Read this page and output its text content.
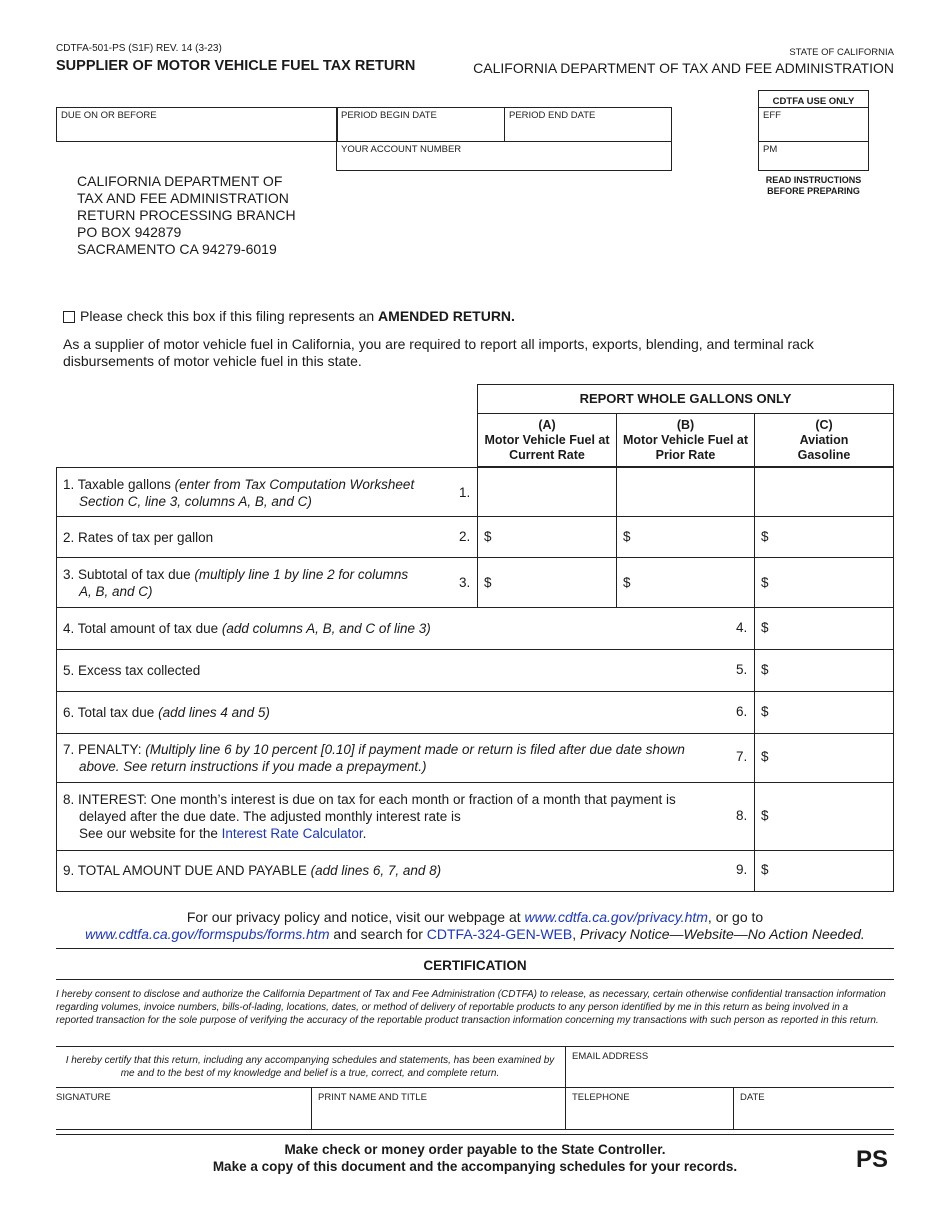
CDTFA-501-PS (S1F) REV. 14 (3-23)
SUPPLIER OF MOTOR VEHICLE FUEL TAX RETURN
STATE OF CALIFORNIA
CALIFORNIA DEPARTMENT OF TAX AND FEE ADMINISTRATION
DUE ON OR BEFORE	PERIOD BEGIN DATE	PERIOD END DATE
YOUR ACCOUNT NUMBER
CDTFA USE ONLY
EFF
PM
READ INSTRUCTIONS
BEFORE PREPARING
CALIFORNIA DEPARTMENT OF
TAX AND FEE ADMINISTRATION
RETURN PROCESSING BRANCH
PO BOX 942879
SACRAMENTO CA 94279-6019
Please check this box if this filing represents an AMENDED RETURN.
As a supplier of motor vehicle fuel in California, you are required to report all imports, exports, blending, and terminal rack disbursements of motor vehicle fuel in this state.
REPORT WHOLE GALLONS ONLY
(A)
Motor Vehicle Fuel at
Current Rate
(B)
Motor Vehicle Fuel at
Prior Rate
(C)
Aviation
Gasoline
1. Taxable gallons (enter from Tax Computation Worksheet
Section C, line 3, columns A, B, and C)
1.
2. Rates of tax per gallon	2. $	$	$
3. Subtotal of tax due (multiply line 1 by line 2 for columns
A, B, and C)
3. $	$	$
4. Total amount of tax due (add columns A, B, and C of line 3)	4. $
5. Excess tax collected	5. $
6. Total tax due (add lines 4 and 5)	6. $
7. PENALTY: (Multiply line 6 by 10 percent [0.10] if payment made or return is filed after due date shown
above. See return instructions if you made a prepayment.)
7. $
8. INTEREST: One month’s interest is due on tax for each month or fraction of a month that payment is
delayed after the due date. The adjusted monthly interest rate is
See our website for the Interest Rate Calculator.
8. $
9. TOTAL AMOUNT DUE AND PAYABLE (add lines 6, 7, and 8)	9. $
For our privacy policy and notice, visit our webpage at www.cdtfa.ca.gov/privacy.htm, or go to
www.cdtfa.ca.gov/formspubs/forms.htm and search for CDTFA-324-GEN-WEB, Privacy Notice—Website—No Action Needed.
CERTIFICATION
I hereby consent to disclose and authorize the California Department of Tax and Fee Administration (CDTFA) to release, as necessary, certain otherwise confidential transaction information regarding volumes, invoice numbers, bills-of-lading, locations, dates, or method of delivery of reportable products to any person identified by me in this return as being involved in a reported transaction for the sole purpose of verifying the accuracy of the reportable product transaction information concerning my transactions with such person as reported in this return.
I hereby certify that this return, including any accompanying schedules and statements, has been examined by me and to the best of my knowledge and belief is a true, correct, and complete return.
EMAIL ADDRESS
SIGNATURE	PRINT NAME AND TITLE	TELEPHONE	DATE
Make check or money order payable to the State Controller.
Make a copy of this document and the accompanying schedules for your records.	PS
